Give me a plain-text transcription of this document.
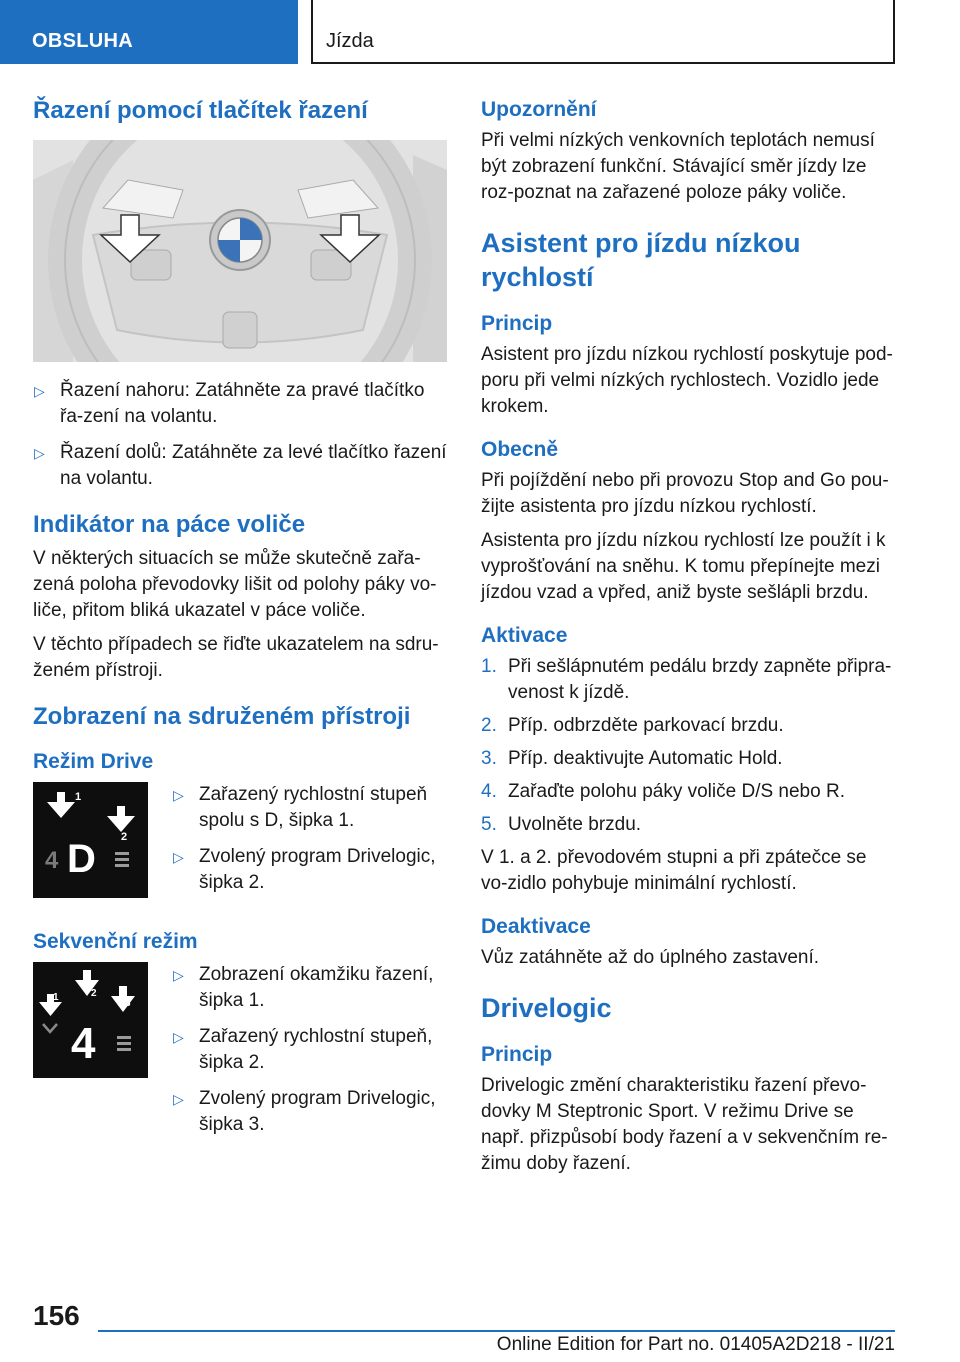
OBSLUHA	Jízda
Řazení pomocí tlačítek řazení
▷ Řazení nahoru: Zatáhněte za pravé tlačítko řa-zení na volantu.
▷ Řazení dolů: Zatáhněte za levé tlačítko řazení na volantu.
Indikátor na páce voliče

V některých situacích se může skutečně zařa-zená poloha převodovky lišit od polohy páky vo-liče, přitom bliká ukazatel v páce voliče.

V těchto případech se řiďte ukazatelem na sdru-ženém přístroji.

Zobrazení na sdruženém přístroji
Režim Drive
1
2
4 D
▷ Zařazený rychlostní stupeň spolu s D, šipka 1.
▷ Zvolený program Drivelogic, šipka 2.
Sekvenční režim
1	2
3
4
▷ Zobrazení okamžiku řazení, šipka 1.
▷ Zařazený rychlostní stupeň, šipka 2.
▷ Zvolený program Drivelogic, šipka 3.
Upozornění

Při velmi nízkých venkovních teplotách nemusí být zobrazení funkční. Stávající směr jízdy lze roz-poznat na zařazené poloze páky voliče.

Asistent pro jízdu nízkou rychlostí
Princip

Asistent pro jízdu nízkou rychlostí poskytuje pod-poru při velmi nízkých rychlostech. Vozidlo jede krokem.

Obecně

Při pojíždění nebo při provozu Stop and Go pou-žijte asistenta pro jízdu nízkou rychlostí.

Asistenta pro jízdu nízkou rychlostí lze použít i k vyprošťování na sněhu. K tomu přepínejte mezi jízdou vzad a vpřed, aniž byste sešlápli brzdu.

Aktivace
1. Při sešlápnutém pedálu brzdy zapněte připra-venost k jízdě.
2. Příp. odbrzděte parkovací brzdu.
3. Příp. deaktivujte Automatic Hold.
4. Zařaďte polohu páky voliče D/S nebo R.
5. Uvolněte brzdu.

V 1. a 2. převodovém stupni a při zpátečce se vo-zidlo pohybuje minimální rychlostí.

Deaktivace

Vůz zatáhněte až do úplného zastavení.

Drivelogic
Princip

Drivelogic změní charakteristiku řazení převo-dovky M Steptronic Sport. V režimu Drive se např. přizpůsobí body řazení a v sekvenčním re-žimu doby řazení.

156
Online Edition for Part no. 01405A2D218 - II/21
